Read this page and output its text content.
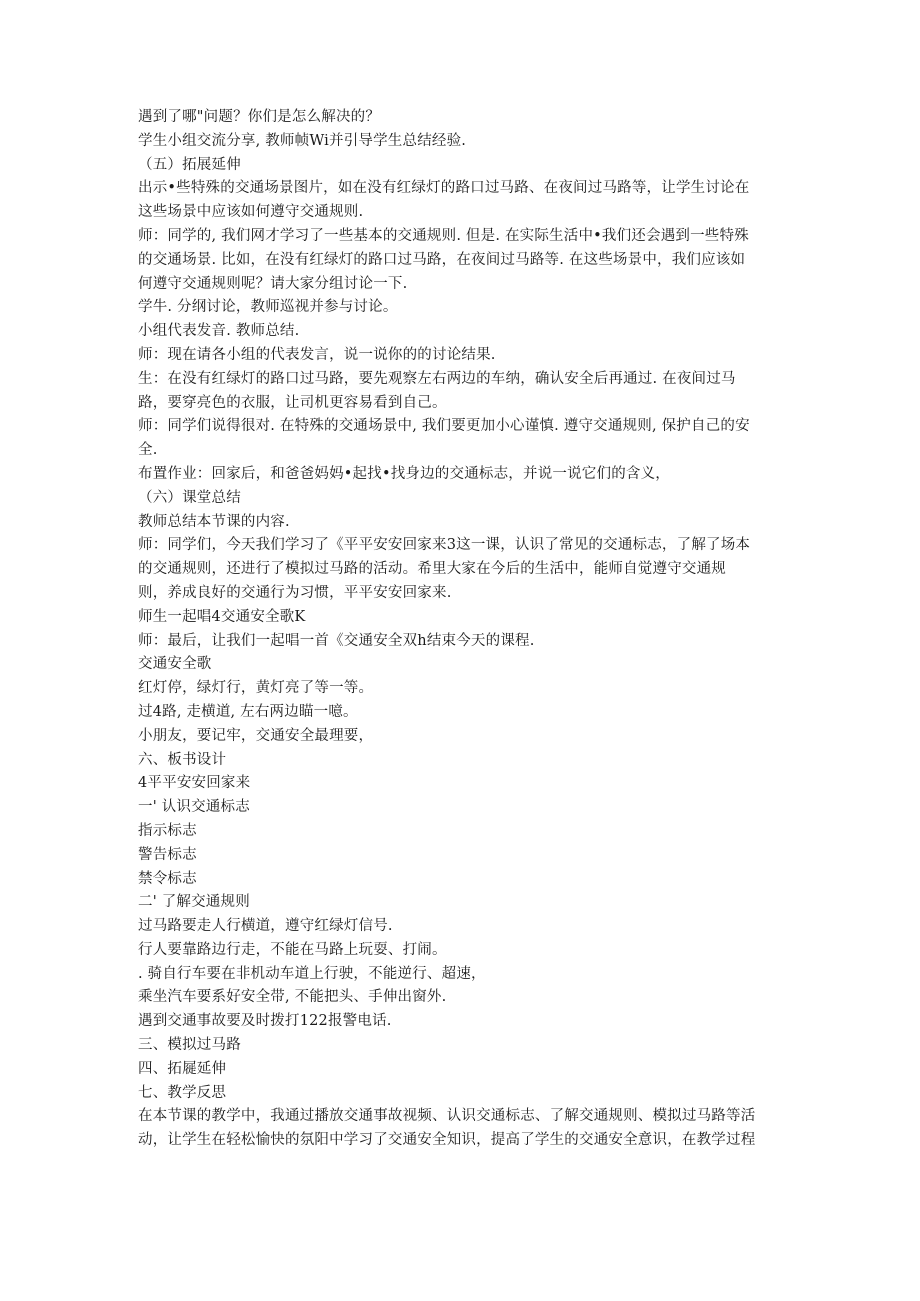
遇到了哪"问题？你们是怎么解决的？
学生小组交流分享, 教师帧Wi并引导学生总结经验.
（五）拓展延伸
出示•些特殊的交通场景图片，如在没有红绿灯的路口过马路、在夜间过马路等，让学生讨论在
这些场景中应该如何遵守交通规则.
师：同学的, 我们网才学习了一些基本的交通规则. 但是. 在实际生活中•我们还会遇到一些特殊
的交通场景. 比如，在没有红绿灯的路口过马路，在夜间过马路等. 在这些场景中，我们应该如
何遵守交通规则呢？请大家分组讨论一下.
学牛. 分纲讨论，教师巡视并参与讨论。
小组代表发音. 教师总结.
师：现在请各小组的代表发言，说一说你的的讨论结果.
生：在没有红绿灯的路口过马路，要先观察左右两边的车纳，确认安全后再通过. 在夜间过马
路，要穿亮色的衣服，让司机更容易看到自己。
师：同学们说得很对. 在特殊的交通场景中, 我们要更加小心谨慎. 遵守交通规则, 保护自己的安
全.
布置作业：回家后，和爸爸妈妈•起找•找身边的交通标志，并说一说它们的含义，
（六）课堂总结
教师总结本节课的内容.
师：同学们，今天我们学习了《平平安安回家来3这一课，认识了常见的交通标志，了解了场本
的交通规则，还进行了模拟过马路的活动。希里大家在今后的生活中，能师自觉遵守交通规
则，养成良好的交通行为习惯，平平安安回家来.
师生一起唱4交通安全歌K
师：最后，让我们一起唱一首《交通安全双h结束今天的课程.
交通安全歌
红灯停，绿灯行，黄灯亮了等一等。
过4路, 走横道, 左右两边瞄一噫。
小朋友，要记牢，交通安全最理要，
六、板书设计
4平平安安回家来
一' 认识交通标志
指示标志
警告标志
禁令标志
二' 了解交通规则
过马路要走人行横道，遵守红绿灯信号.
行人要靠路边行走，不能在马路上玩耍、打闹。
. 骑自行车要在非机动车道上行驶，不能逆行、超速，
乘坐汽车要系好安全带, 不能把头、手伸出窗外.
遇到交通事故要及时拨打122报警电话.
三、模拟过马路
四、拓屣延伸
七、教学反思
在本节课的教学中，我通过播放交通事故视频、认识交通标志、了解交通规则、模拟过马路等活
动，让学生在轻松愉快的氛阳中学习了交通安全知识，提高了学生的交通安全意识，在教学过程
